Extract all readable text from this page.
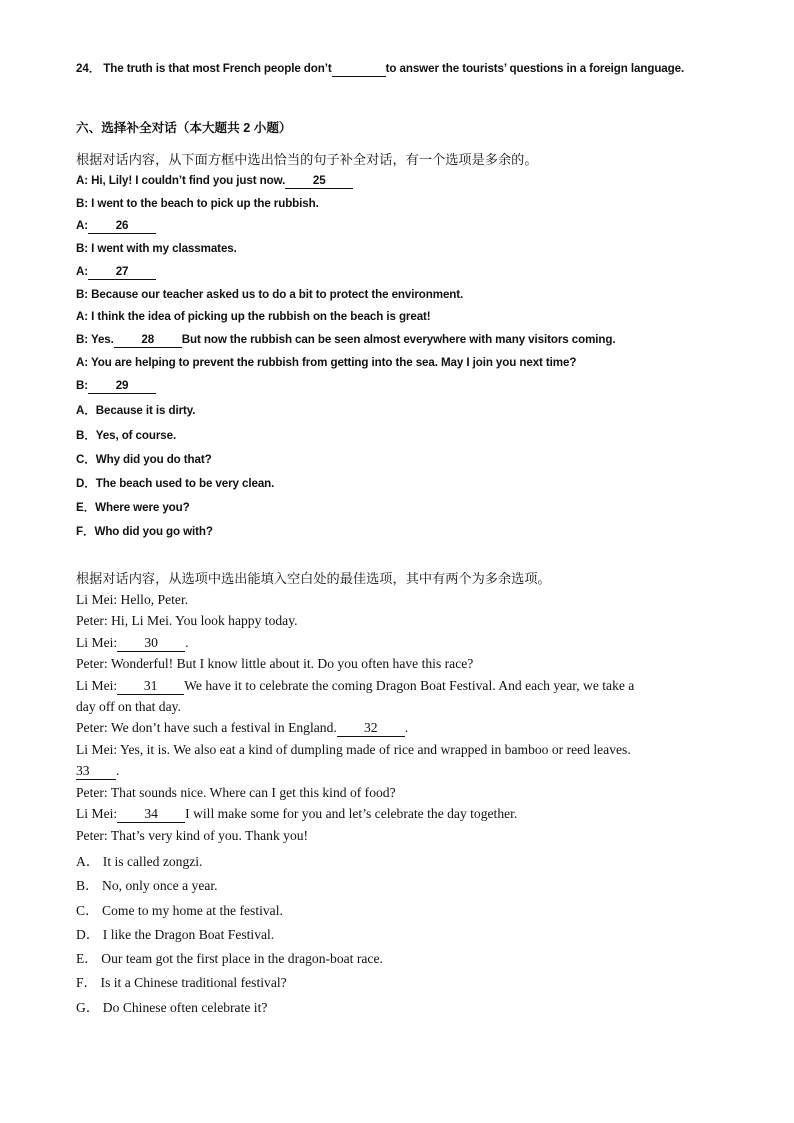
24． The truth is that most French people don’t	to answer the tourists’ questions in a foreign language.
六、选择补全对话（本大题共 2 小题）
根据对话内容，从下面方框中选出恰当的句子补全对话，有一个选项是多余的。
A: Hi, Lily! I couldn’t find you just now. 25
B: I went to the beach to pick up the rubbish.
A: 26
B: I went with my classmates.
A: 27
B: Because our teacher asked us to do a bit to protect the environment.
A: I think the idea of picking up the rubbish on the beach is great!
B: Yes. 28 But now the rubbish can be seen almost everywhere with many visitors coming.
A: You are helping to prevent the rubbish from getting into the sea. May I join you next time?
B: 29
A．Because it is dirty.
B．Yes, of course.
C．Why did you do that?
D．The beach used to be very clean.
E．Where were you?
F．Who did you go with?
根据对话内容，从选项中选出能填入空白处的最佳选项，其中有两个为多余选项。
Li Mei: Hello, Peter.
Peter: Hi, Li Mei. You look happy today.
Li Mei: 30 .
Peter: Wonderful! But I know little about it. Do you often have this race?
Li Mei: 31 We have it to celebrate the coming Dragon Boat Festival. And each year, we take a
day off on that day.
Peter: We don’t have such a festival in England. 32 .
Li Mei: Yes, it is. We also eat a kind of dumpling made of rice and wrapped in bamboo or reed leaves.
33 .
Peter: That sounds nice. Where can I get this kind of food?
Li Mei: 34 I will make some for you and let’s celebrate the day together.
Peter: That’s very kind of you. Thank you!
A． It is called zongzi.
B． No, only once a year.
C． Come to my home at the festival.
D． I like the Dragon Boat Festival.
E． Our team got the first place in the dragon-boat race.
F． Is it a Chinese traditional festival?
G． Do Chinese often celebrate it?
